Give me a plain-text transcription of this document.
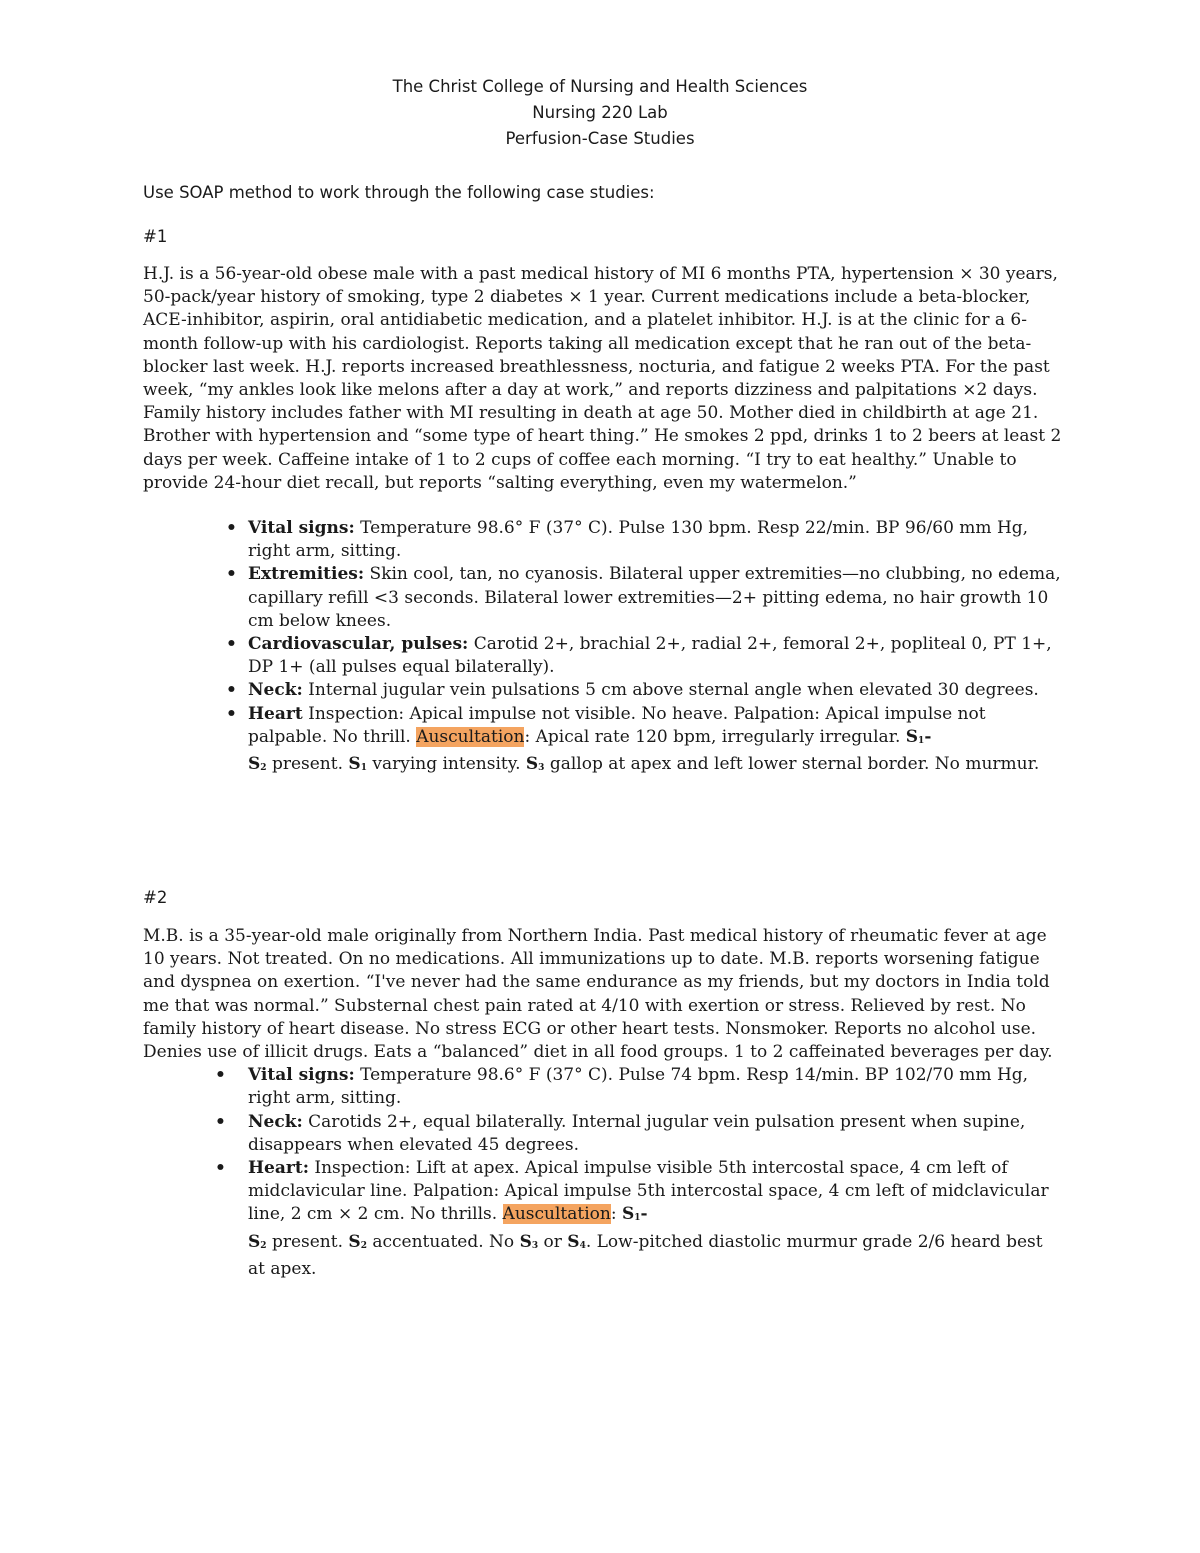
The Christ College of Nursing and Health Sciences
Nursing 220 Lab
Perfusion-Case Studies
Use SOAP method to work through the following case studies:
#1

H.J. is a 56-year-old obese male with a past medical history of MI 6 months PTA, hypertension × 30 years, 50-pack/year history of smoking, type 2 diabetes × 1 year. Current medications include a beta-blocker, ACE-inhibitor, aspirin, oral antidiabetic medication, and a platelet inhibitor. H.J. is at the clinic for a 6-month follow-up with his cardiologist. Reports taking all medication except that he ran out of the beta-blocker last week. H.J. reports increased breathlessness, nocturia, and fatigue 2 weeks PTA. For the past week, “my ankles look like melons after a day at work,” and reports dizziness and palpitations ×2 days. Family history includes father with MI resulting in death at age 50. Mother died in childbirth at age 21. Brother with hypertension and “some type of heart thing.” He smokes 2 ppd, drinks 1 to 2 beers at least 2 days per week. Caffeine intake of 1 to 2 cups of coffee each morning. “I try to eat healthy.” Unable to provide 24-hour diet recall, but reports “salting everything, even my watermelon.”

• Vital signs: Temperature 98.6° F (37° C). Pulse 130 bpm. Resp 22/min. BP 96/60 mm Hg, right arm, sitting.
• Extremities: Skin cool, tan, no cyanosis. Bilateral upper extremities—no clubbing, no edema, capillary refill <3 seconds. Bilateral lower extremities—2+ pitting edema, no hair growth 10 cm below knees.
• Cardiovascular, pulses: Carotid 2+, brachial 2+, radial 2+, femoral 2+, popliteal 0, PT 1+, DP 1+ (all pulses equal bilaterally).
• Neck: Internal jugular vein pulsations 5 cm above sternal angle when elevated 30 degrees.
• Heart Inspection: Apical impulse not visible. No heave. Palpation: Apical impulse not palpable. No thrill. Auscultation: Apical rate 120 bpm, irregularly irregular. S1-
S2 present. S1 varying intensity. S3 gallop at apex and left lower sternal border. No murmur.
#2

M.B. is a 35-year-old male originally from Northern India. Past medical history of rheumatic fever at age 10 years. Not treated. On no medications. All immunizations up to date. M.B. reports worsening fatigue and dyspnea on exertion. “I've never had the same endurance as my friends, but my doctors in India told me that was normal.” Substernal chest pain rated at 4/10 with exertion or stress. Relieved by rest. No family history of heart disease. No stress ECG or other heart tests. Nonsmoker. Reports no alcohol use. Denies use of illicit drugs. Eats a “balanced” diet in all food groups. 1 to 2 caffeinated beverages per day.

• Vital signs: Temperature 98.6° F (37° C). Pulse 74 bpm. Resp 14/min. BP 102/70 mm Hg, right arm, sitting.
• Neck: Carotids 2+, equal bilaterally. Internal jugular vein pulsation present when supine, disappears when elevated 45 degrees.
• Heart: Inspection: Lift at apex. Apical impulse visible 5th intercostal space, 4 cm left of midclavicular line. Palpation: Apical impulse 5th intercostal space, 4 cm left of midclavicular line, 2 cm × 2 cm. No thrills. Auscultation: S1-
S2 present. S2 accentuated. No S3 or S4. Low-pitched diastolic murmur grade 2/6 heard best at apex.
